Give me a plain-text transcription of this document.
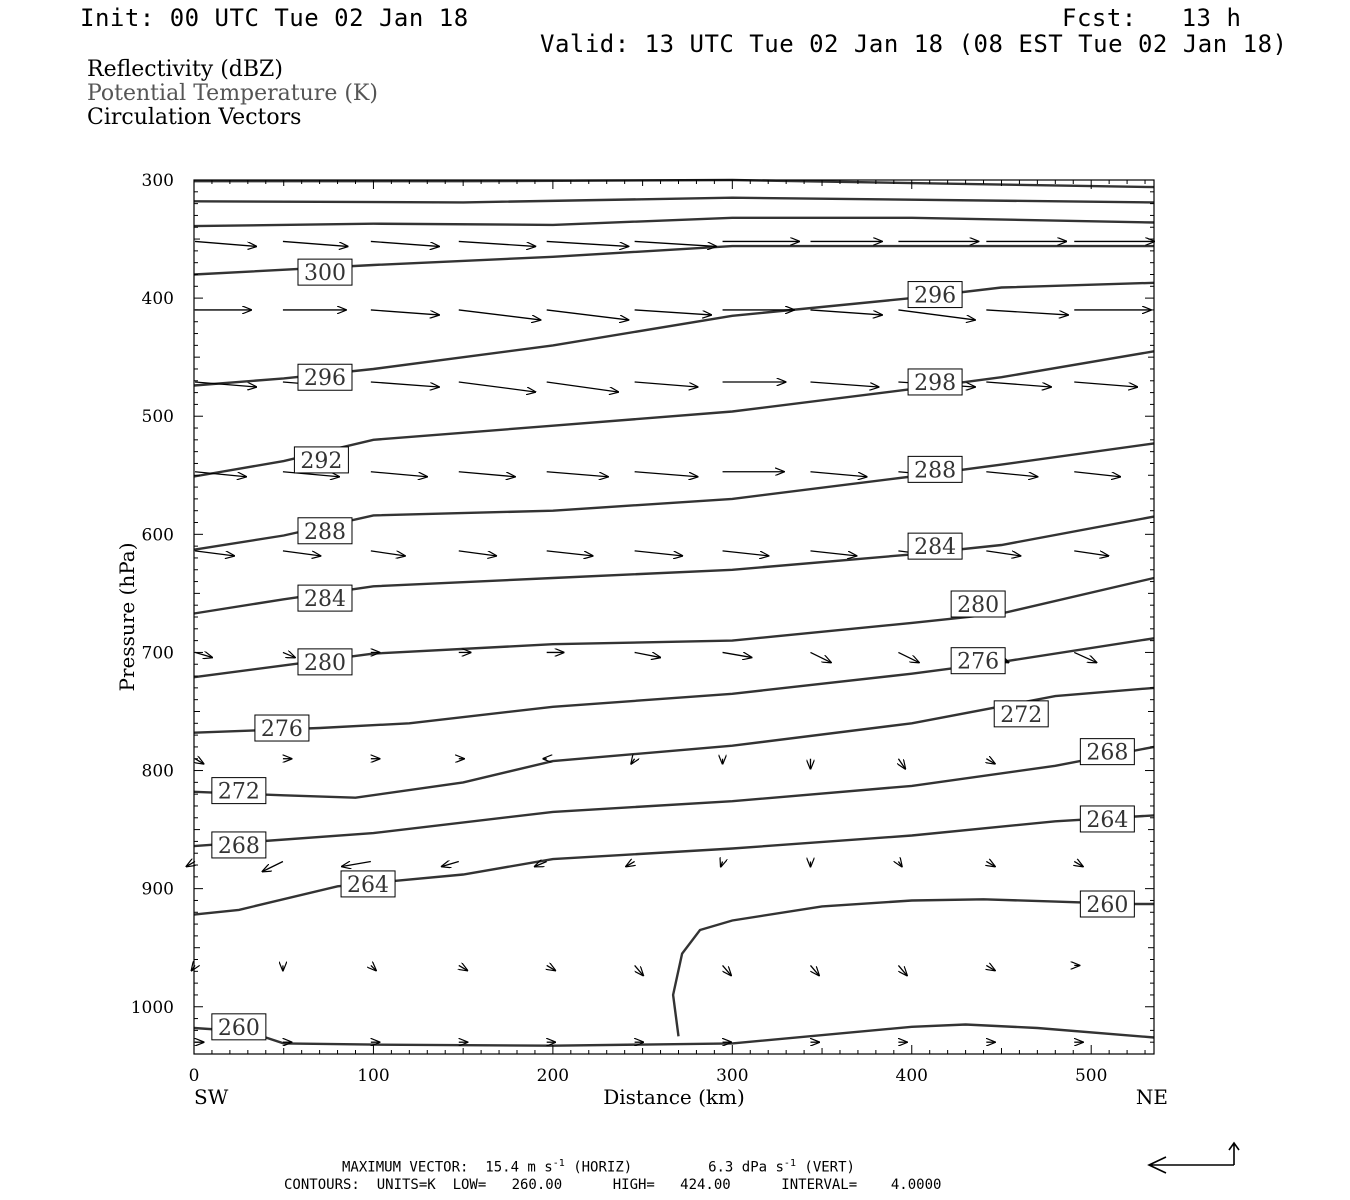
Init: 00 UTC Tue 02 Jan 18	Fcst:   13 h
Valid: 13 UTC Tue 02 Jan 18 (08 EST Tue 02 Jan 18)
Reflectivity (dBZ)
Potential Temperature (K)
Circulation Vectors
300
296
296	298
292	288
288
284
284	280
280	276
276
272
272
268
268
264
264
260
260
Distance (km)
SW	NE
Pressure (hPa)
0	100	200	300	400	500
300
400
500
600
700
800
900
1000
MAXIMUM VECTOR:  15.4 m $s^{-1}$ (HORIZ)	6.3 dPa $s^{-1}$ (VERT)
CONTOURS:  UNITS=K  LOW=   260.00      HIGH=   424.00      INTERVAL=    4.0000
